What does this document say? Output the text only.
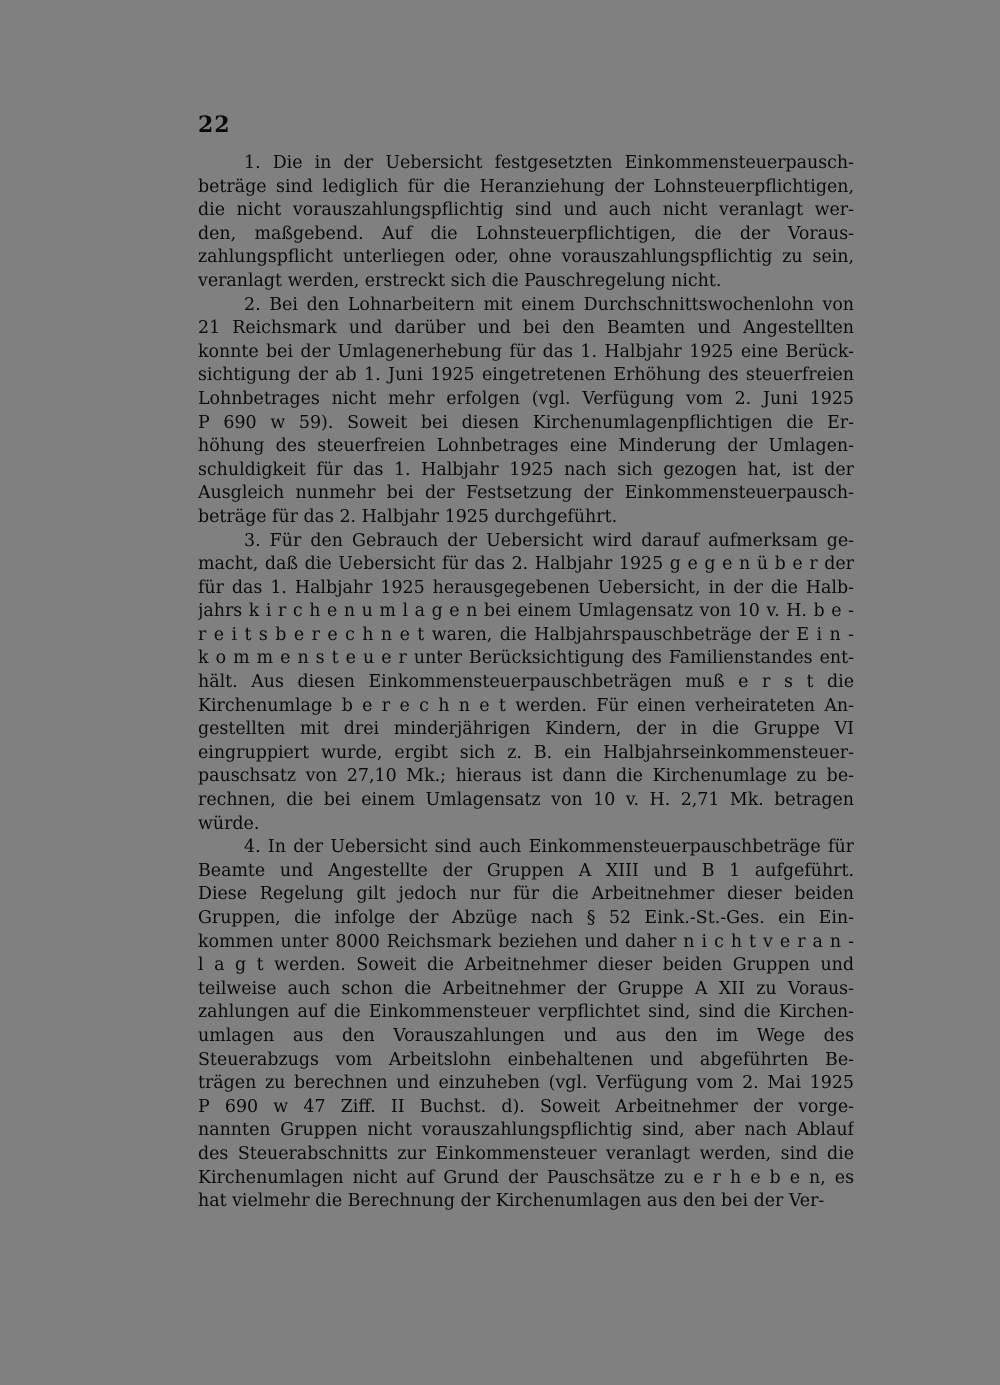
22
1. Die in der Uebersicht festgesetzten Einkommensteuerpausch-
beträge sind lediglich für die Heranziehung der Lohnsteuerpflichtigen,
die nicht vorauszahlungspflichtig sind und auch nicht veranlagt wer-
den, maßgebend. Auf die Lohnsteuerpflichtigen, die der Voraus-
zahlungspflicht unterliegen oder, ohne vorauszahlungspflichtig zu sein,
veranlagt werden, erstreckt sich die Pauschregelung nicht.
2. Bei den Lohnarbeitern mit einem Durchschnittswochenlohn von
21 Reichsmark und darüber und bei den Beamten und Angestellten
konnte bei der Umlagenerhebung für das 1. Halbjahr 1925 eine Berück-
sichtigung der ab 1. Juni 1925 eingetretenen Erhöhung des steuerfreien
Lohnbetrages nicht mehr erfolgen (vgl. Verfügung vom 2. Juni 1925
P 690 w 59). Soweit bei diesen Kirchenumlagenpflichtigen die Er-
höhung des steuerfreien Lohnbetrages eine Minderung der Umlagen-
schuldigkeit für das 1. Halbjahr 1925 nach sich gezogen hat, ist der
Ausgleich nunmehr bei der Festsetzung der Einkommensteuerpausch-
beträge für das 2. Halbjahr 1925 durchgeführt.
3. Für den Gebrauch der Uebersicht wird darauf aufmerksam ge-
macht, daß die Uebersicht für das 2. Halbjahr 1925 g e g e n ü b e r der
für das 1. Halbjahr 1925 herausgegebenen Uebersicht, in der die Halb-
jahrs k i r c h e n u m l a g e n bei einem Umlagensatz von 10 v. H. b e -
r e i t s b e r e c h n e t waren, die Halbjahrspauschbeträge der E i n -
k o m m e n s t e u e r unter Berücksichtigung des Familienstandes ent-
hält. Aus diesen Einkommensteuerpauschbeträgen muß e r s t die
Kirchenumlage b e r e c h n e t werden. Für einen verheirateten An-
gestellten mit drei minderjährigen Kindern, der in die Gruppe VI
eingruppiert wurde, ergibt sich z. B. ein Halbjahrseinkommensteuer-
pauschsatz von 27,10 Mk.; hieraus ist dann die Kirchenumlage zu be-
rechnen, die bei einem Umlagensatz von 10 v. H. 2,71 Mk. betragen
würde.
4. In der Uebersicht sind auch Einkommensteuerpauschbeträge für
Beamte und Angestellte der Gruppen A XIII und B 1 aufgeführt.
Diese Regelung gilt jedoch nur für die Arbeitnehmer dieser beiden
Gruppen, die infolge der Abzüge nach § 52 Eink.-St.-Ges. ein Ein-
kommen unter 8000 Reichsmark beziehen und daher n i c h t v e r a n -
l a g t werden. Soweit die Arbeitnehmer dieser beiden Gruppen und
teilweise auch schon die Arbeitnehmer der Gruppe A XII zu Voraus-
zahlungen auf die Einkommensteuer verpflichtet sind, sind die Kirchen-
umlagen aus den Vorauszahlungen und aus den im Wege des
Steuerabzugs vom Arbeitslohn einbehaltenen und abgeführten Be-
trägen zu berechnen und einzuheben (vgl. Verfügung vom 2. Mai 1925
P 690 w 47 Ziff. II Buchst. d). Soweit Arbeitnehmer der vorge-
nannten Gruppen nicht vorauszahlungspflichtig sind, aber nach Ablauf
des Steuerabschnitts zur Einkommensteuer veranlagt werden, sind die
Kirchenumlagen nicht auf Grund der Pauschsätze zu e r h e b e n, es
hat vielmehr die Berechnung der Kirchenumlagen aus den bei der Ver-
